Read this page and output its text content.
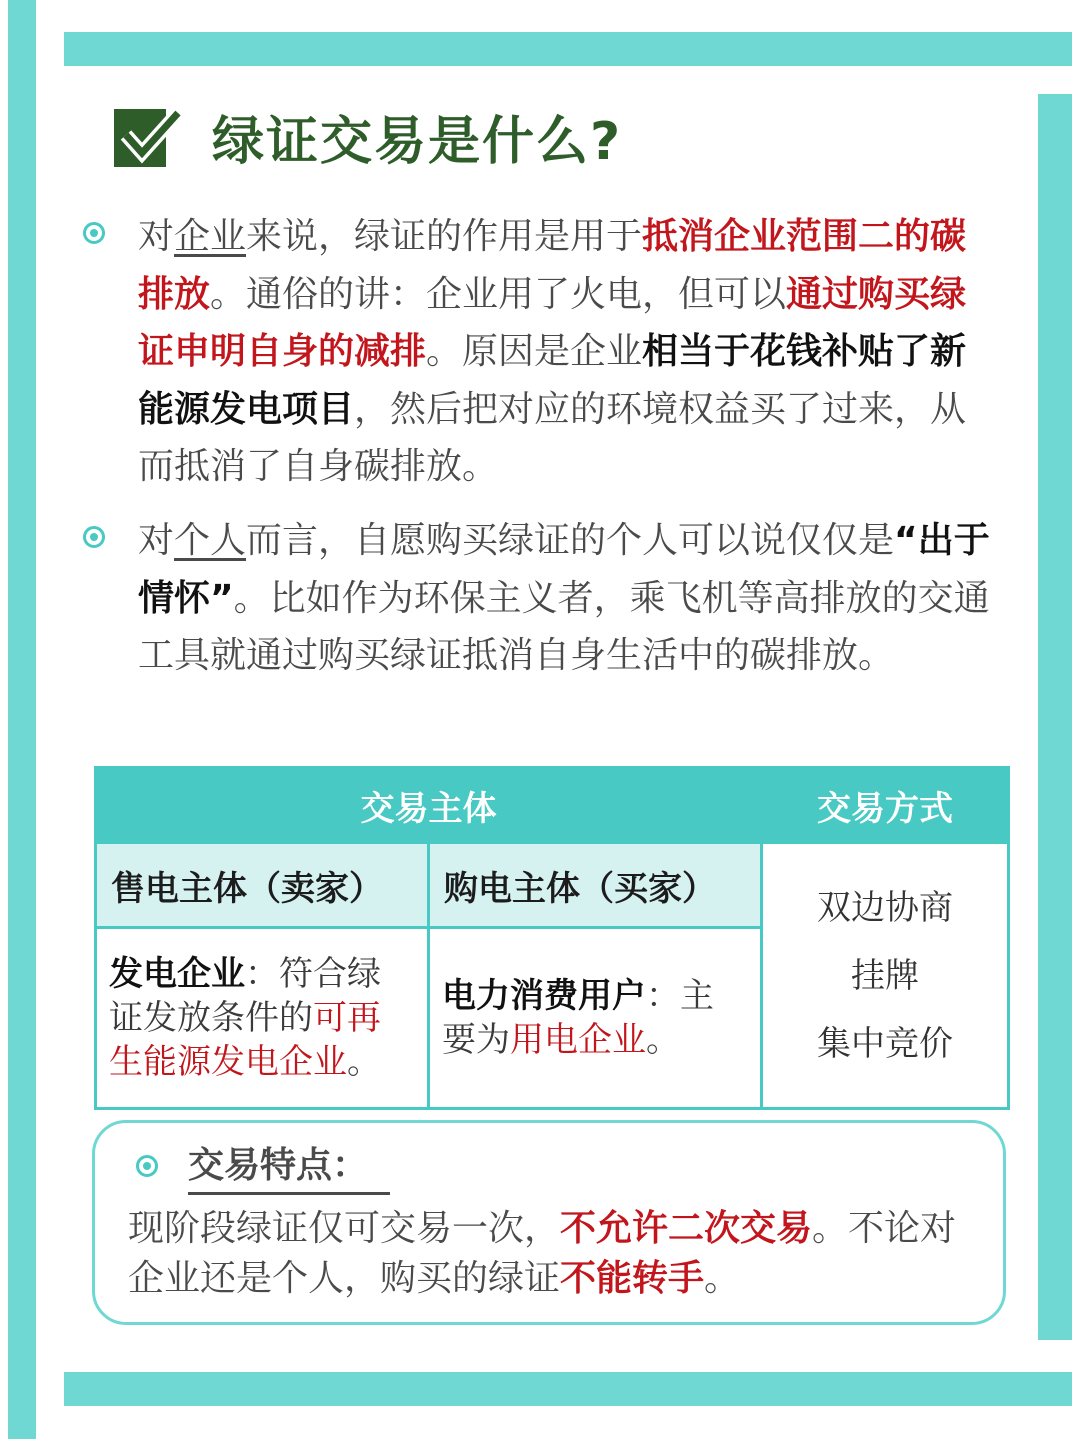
绿证交易是什么?
对企业来说，绿证的作用是用于抵消企业范围二的碳排放。通俗的讲：企业用了火电，但可以通过购买绿证申明自身的减排。原因是企业相当于花钱补贴了新能源发电项目，然后把对应的环境权益买了过来，从而抵消了自身碳排放。
对个人而言，自愿购买绿证的个人可以说仅仅是“出于情怀”。比如作为环保主义者，乘飞机等高排放的交通工具就通过购买绿证抵消自身生活中的碳排放。
交易主体		交易方式
售电主体（卖家）	购电主体（买家）	双边协商
挂牌
集中竞价

发电企业：符合绿证发放条件的可再生能源发电企业。	电力消费用户：主要为用电企业。	
交易特点：
现阶段绿证仅可交易一次，不允许二次交易。不论对企业还是个人，购买的绿证不能转手。
